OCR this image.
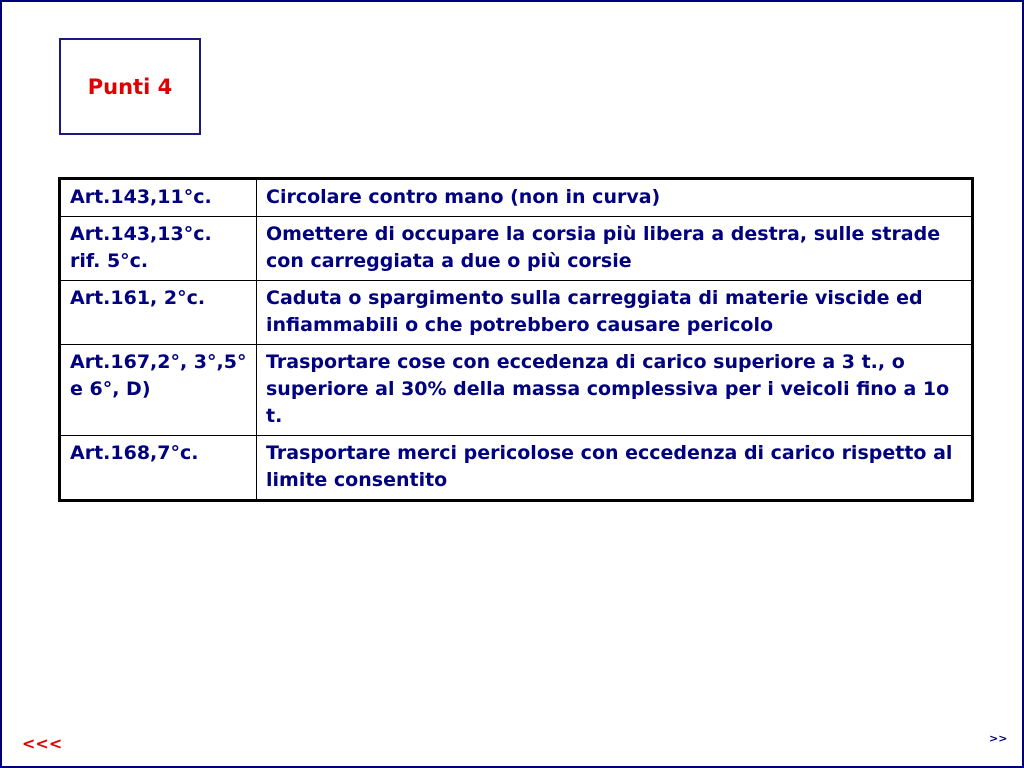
Punti 4
Art.143,11°c.	Circolare contro mano (non in curva)
Art.143,13°c. rif. 5°c.	Omettere di occupare la corsia più libera a destra, sulle strade con carreggiata a due o più corsie
Art.161, 2°c.	Caduta o spargimento sulla carreggiata di materie viscide ed infiammabili o che potrebbero causare pericolo
Art.167,2°, 3°,5° e 6°, D)	Trasportare cose con eccedenza di carico superiore a 3 t., o superiore al 30% della massa complessiva per i veicoli fino a 1o t.
Art.168,7°c.	Trasportare merci pericolose con eccedenza di carico rispetto al limite consentito
<<<	>>
